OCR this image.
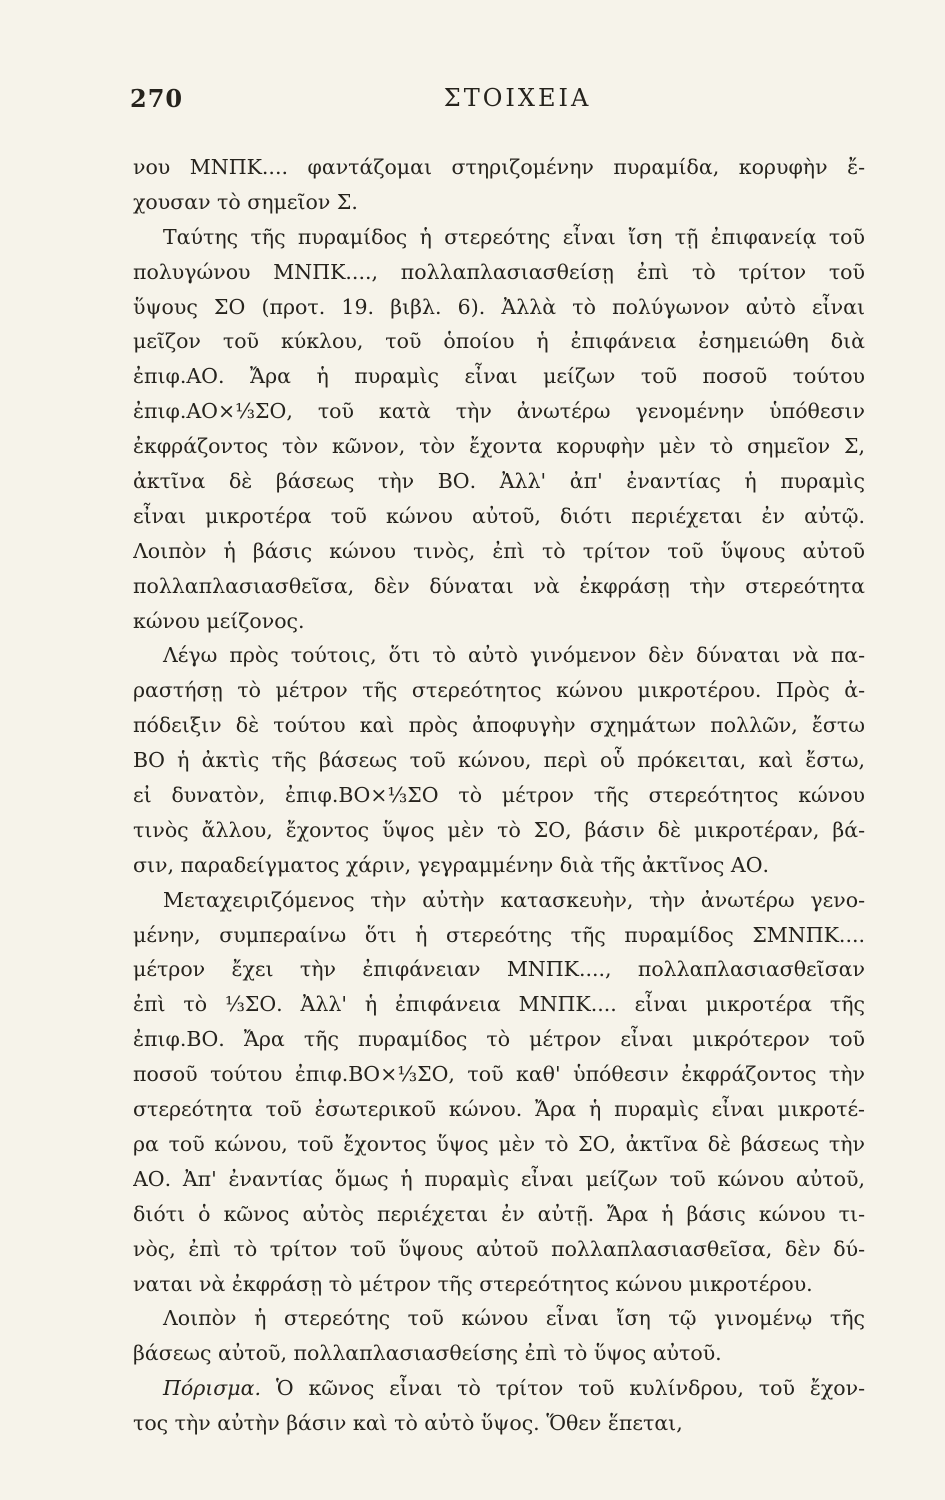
270	ΣΤΟΙΧΕΙΑ
νου ΜΝΠΚ.... φαντάζομαι στηριζομένην πυραμίδα, κορυφὴν ἔ-
χουσαν τὸ σημεῖον Σ.
Ταύτης τῆς πυραμίδος ἡ στερεότης εἶναι ἴση τῇ ἐπιφανείᾳ τοῦ
πολυγώνου ΜΝΠΚ...., πολλαπλασιασθείσῃ ἐπὶ τὸ τρίτον τοῦ
ὕψους ΣΟ (προτ. 19. βιβλ. 6). Ἀλλὰ τὸ πολύγωνον αὐτὸ εἶναι
μεῖζον τοῦ κύκλου, τοῦ ὁποίου ἡ ἐπιφάνεια ἐσημειώθη διὰ
ἐπιφ.ΑΟ. Ἄρα ἡ πυραμὶς εἶναι μείζων τοῦ ποσοῦ τούτου
ἐπιφ.ΑΟ×⅓ΣΟ, τοῦ κατὰ τὴν ἀνωτέρω γενομένην ὑπόθεσιν
ἐκφράζοντος τὸν κῶνον, τὸν ἔχοντα κορυφὴν μὲν τὸ σημεῖον Σ,
ἀκτῖνα δὲ βάσεως τὴν ΒΟ. Ἀλλ' ἀπ' ἐναντίας ἡ πυραμὶς
εἶναι μικροτέρα τοῦ κώνου αὐτοῦ, διότι περιέχεται ἐν αὐτῷ.
Λοιπὸν ἡ βάσις κώνου τινὸς, ἐπὶ τὸ τρίτον τοῦ ὕψους αὐτοῦ
πολλαπλασιασθεῖσα, δὲν δύναται νὰ ἐκφράσῃ τὴν στερεότητα
κώνου μείζονος.
Λέγω πρὸς τούτοις, ὅτι τὸ αὐτὸ γινόμενον δὲν δύναται νὰ πα-
ραστήσῃ τὸ μέτρον τῆς στερεότητος κώνου μικροτέρου. Πρὸς ἀ-
πόδειξιν δὲ τούτου καὶ πρὸς ἀποφυγὴν σχημάτων πολλῶν, ἔστω
ΒΟ ἡ ἀκτὶς τῆς βάσεως τοῦ κώνου, περὶ οὗ πρόκειται, καὶ ἔστω,
εἰ δυνατὸν, ἐπιφ.ΒΟ×⅓ΣΟ τὸ μέτρον τῆς στερεότητος κώνου
τινὸς ἄλλου, ἔχοντος ὕψος μὲν τὸ ΣΟ, βάσιν δὲ μικροτέραν, βά-
σιν, παραδείγματος χάριν, γεγραμμένην διὰ τῆς ἀκτῖνος ΑΟ.
Μεταχειριζόμενος τὴν αὐτὴν κατασκευὴν, τὴν ἀνωτέρω γενο-
μένην, συμπεραίνω ὅτι ἡ στερεότης τῆς πυραμίδος ΣΜΝΠΚ....
μέτρον ἔχει τὴν ἐπιφάνειαν ΜΝΠΚ...., πολλαπλασιασθεῖσαν
ἐπὶ τὸ ⅓ΣΟ. Ἀλλ' ἡ ἐπιφάνεια ΜΝΠΚ.... εἶναι μικροτέρα τῆς
ἐπιφ.ΒΟ. Ἄρα τῆς πυραμίδος τὸ μέτρον εἶναι μικρότερον τοῦ
ποσοῦ τούτου ἐπιφ.ΒΟ×⅓ΣΟ, τοῦ καθ' ὑπόθεσιν ἐκφράζοντος τὴν
στερεότητα τοῦ ἐσωτερικοῦ κώνου. Ἄρα ἡ πυραμὶς εἶναι μικροτέ-
ρα τοῦ κώνου, τοῦ ἔχοντος ὕψος μὲν τὸ ΣΟ, ἀκτῖνα δὲ βάσεως τὴν
ΑΟ. Ἀπ' ἐναντίας ὅμως ἡ πυραμὶς εἶναι μείζων τοῦ κώνου αὐτοῦ,
διότι ὁ κῶνος αὐτὸς περιέχεται ἐν αὐτῇ. Ἄρα ἡ βάσις κώνου τι-
νὸς, ἐπὶ τὸ τρίτον τοῦ ὕψους αὐτοῦ πολλαπλασιασθεῖσα, δὲν δύ-
ναται νὰ ἐκφράσῃ τὸ μέτρον τῆς στερεότητος κώνου μικροτέρου.
Λοιπὸν ἡ στερεότης τοῦ κώνου εἶναι ἴση τῷ γινομένῳ τῆς
βάσεως αὐτοῦ, πολλαπλασιασθείσης ἐπὶ τὸ ὕψος αὐτοῦ.
Πόρισμα. Ὁ κῶνος εἶναι τὸ τρίτον τοῦ κυλίνδρου, τοῦ ἔχον-
τος τὴν αὐτὴν βάσιν καὶ τὸ αὐτὸ ὕψος. Ὅθεν ἕπεται,
